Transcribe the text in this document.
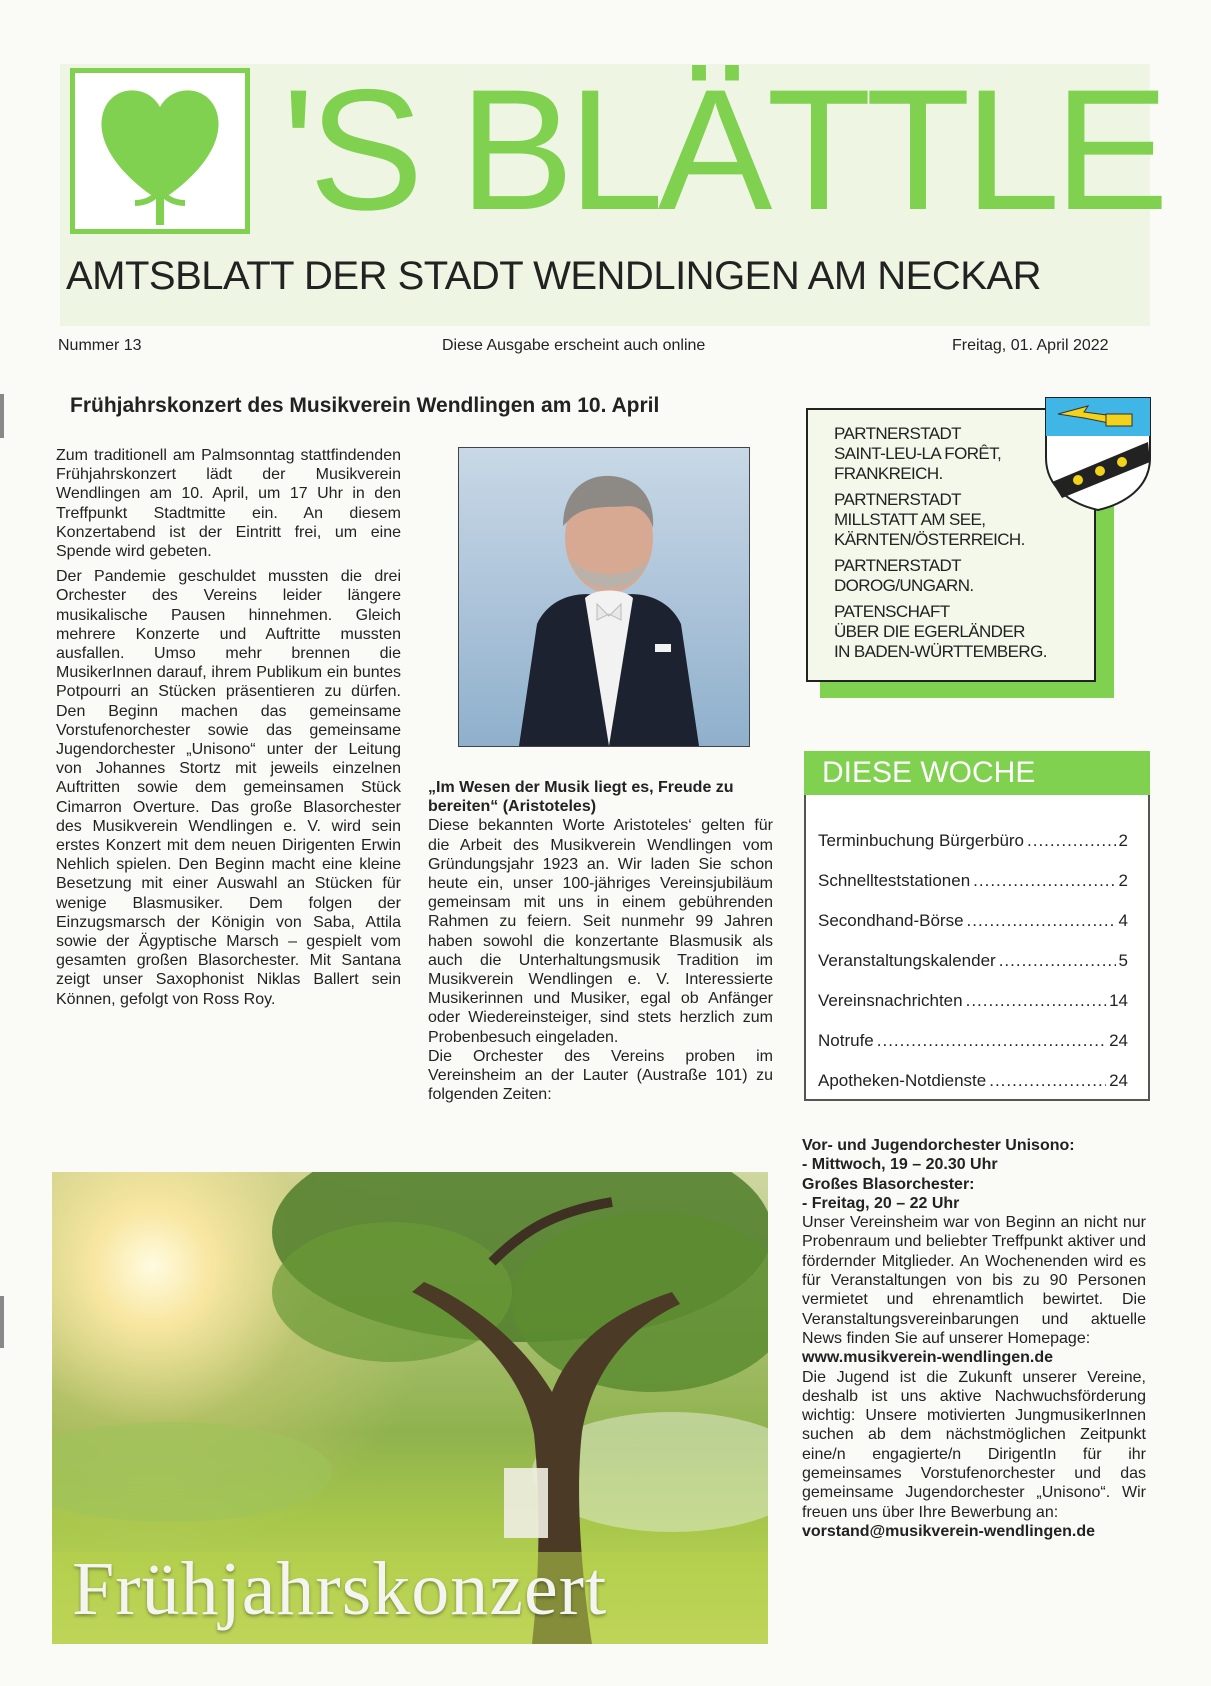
'S BLÄTTLE
AMTSBLATT DER STADT WENDLINGEN AM NECKAR
Nummer 13	Diese Ausgabe erscheint auch online	Freitag, 01. April 2022
Frühjahrskonzert des Musikverein Wendlingen am 10. April

Zum traditionell am Palmsonntag stattfindenden Frühjahrskonzert lädt der Musikverein Wendlingen am 10. April, um 17 Uhr in den Treffpunkt Stadtmitte ein. An diesem Konzertabend ist der Eintritt frei, um eine Spende wird gebeten.

Der Pandemie geschuldet mussten die drei Orchester des Vereins leider längere musikalische Pausen hinnehmen. Gleich mehrere Konzerte und Auftritte mussten ausfallen. Umso mehr brennen die MusikerInnen darauf, ihrem Publikum ein buntes Potpourri an Stücken präsentieren zu dürfen. Den Beginn machen das gemeinsame Vorstufenorchester sowie das gemeinsame Jugendorchester „Unisono“ unter der Leitung von Johannes Stortz mit jeweils einzelnen Auftritten sowie dem gemeinsamen Stück Cimarron Overture. Das große Blasorchester des Musikverein Wendlingen e. V. wird sein erstes Konzert mit dem neuen Dirigenten Erwin Nehlich spielen. Den Beginn macht eine kleine Besetzung mit einer Auswahl an Stücken für wenige Blasmusiker. Dem folgen der Einzugsmarsch der Königin von Saba, Attila sowie der Ägyptische Marsch – gespielt vom gesamten großen Blasorchester. Mit Santana zeigt unser Saxophonist Niklas Ballert sein Können, gefolgt von Ross Roy.

„Im Wesen der Musik liegt es, Freude zu bereiten“ (Aristoteles)

Diese bekannten Worte Aristoteles‘ gelten für die Arbeit des Musikverein Wendlingen vom Gründungsjahr 1923 an. Wir laden Sie schon heute ein, unser 100-jähriges Vereinsjubiläum gemeinsam mit uns in einem gebührenden Rahmen zu feiern. Seit nunmehr 99 Jahren haben sowohl die konzertante Blasmusik als auch die Unterhaltungsmusik Tradition im Musikverein Wendlingen e. V. Interessierte Musikerinnen und Musiker, egal ob Anfänger oder Wiedereinsteiger, sind stets herzlich zum Probenbesuch eingeladen.

Die Orchester des Vereins proben im Vereinsheim an der Lauter (Austraße 101) zu folgenden Zeiten:

PARTNERSTADT
SAINT-LEU-LA FORÊT,
FRANKREICH.
PARTNERSTADT
MILLSTATT AM SEE,
KÄRNTEN/ÖSTERREICH.
PARTNERSTADT
DOROG/UNGARN.
PATENSCHAFT
ÜBER DIE EGERLÄNDER
IN BADEN-WÜRTTEMBERG.
DIESE WOCHE
Terminbuchung Bürgerbüro .....	2
Schnellteststationen .....	2
Secondhand-Börse .....	4
Veranstaltungskalender .....	5
Vereinsnachrichten .....	14
Notrufe .....	24
Apotheken-Notdienste .....	24
Vor- und Jugendorchester Unisono:
- Mittwoch, 19 – 20.30 Uhr
Großes Blasorchester:
- Freitag, 20 – 22 Uhr
Unser Vereinsheim war von Beginn an nicht nur Probenraum und beliebter Treffpunkt aktiver und fördernder Mitglieder. An Wochenenden wird es für Veranstaltungen von bis zu 90 Personen vermietet und ehrenamtlich bewirtet. Die Veranstaltungsvereinbarungen und aktuelle News finden Sie auf unserer Homepage:
www.musikverein-wendlingen.de
Die Jugend ist die Zukunft unserer Vereine, deshalb ist uns aktive Nachwuchsförderung wichtig: Unsere motivierten JungmusikerInnen suchen ab dem nächstmöglichen Zeitpunkt eine/n engagierte/n DirigentIn für ihr gemeinsames Vorstufenorchester und das gemeinsame Jugendorchester „Unisono“. Wir freuen uns über Ihre Bewerbung an:
vorstand@musikverein-wendlingen.de
Frühjahrskonzert
